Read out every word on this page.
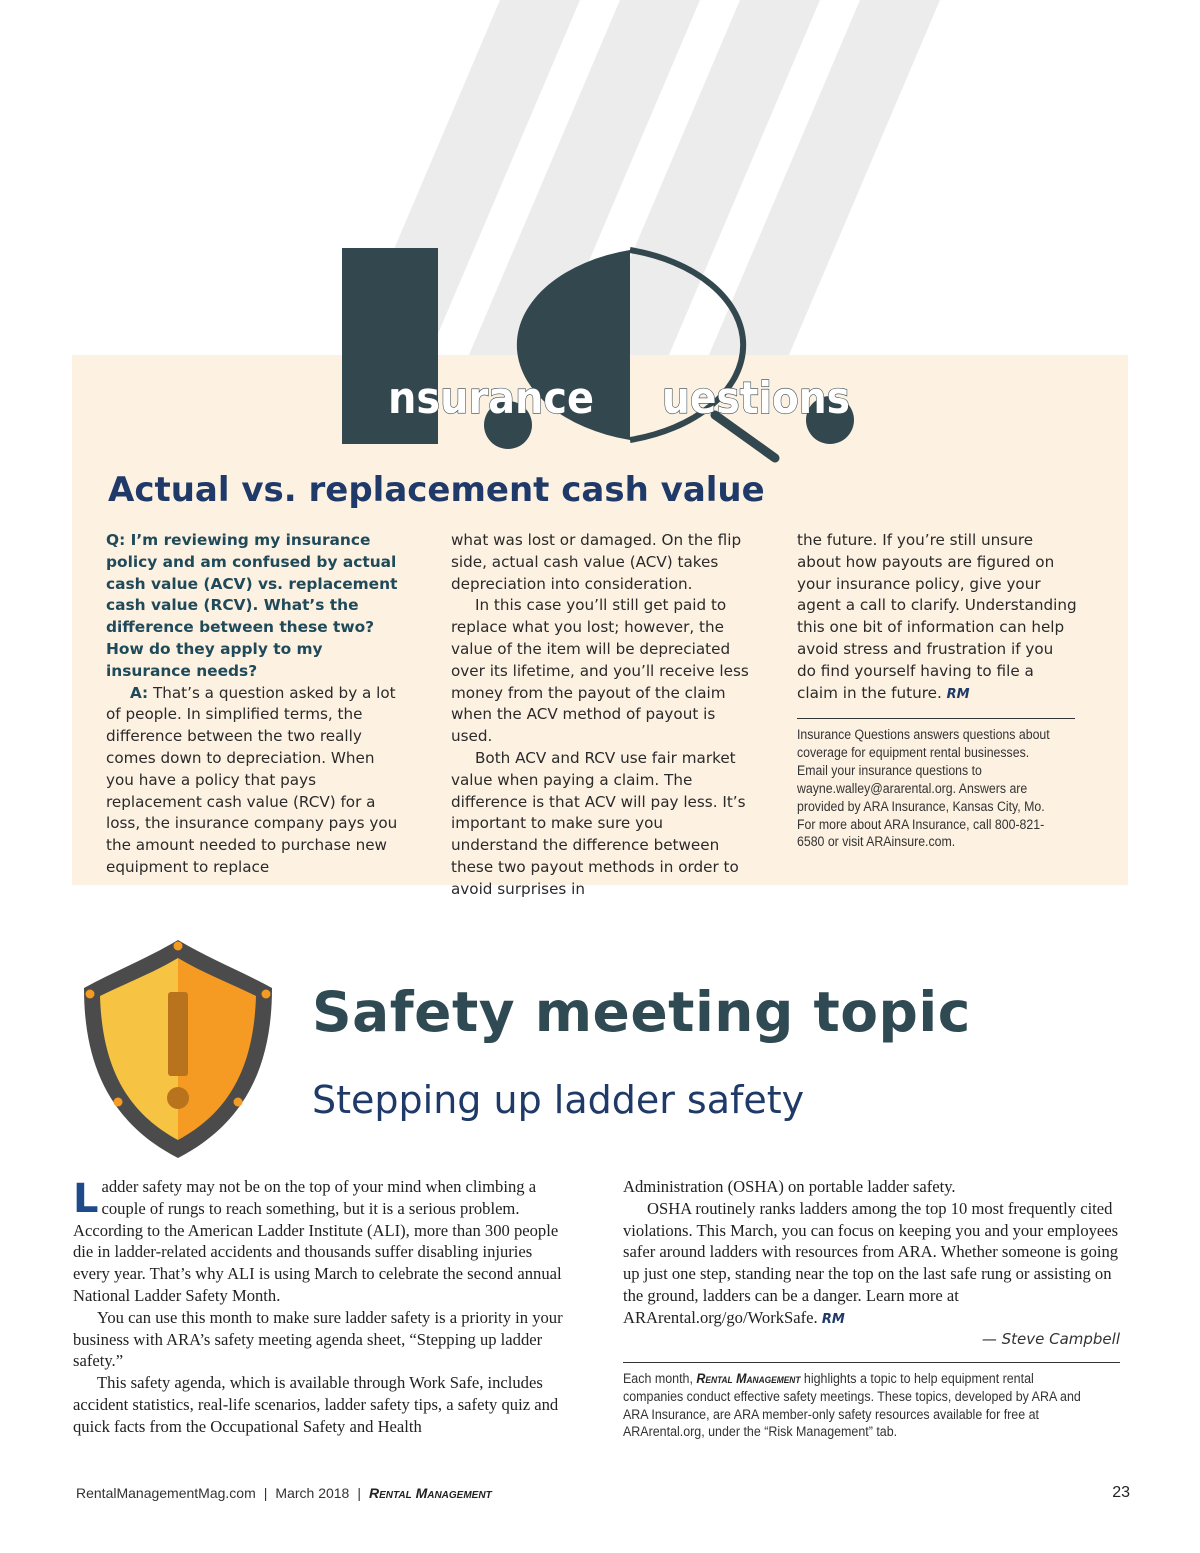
nsurance uestions
Actual vs. replacement cash value

Q: I’m reviewing my insurance policy and am confused by actual cash value (ACV) vs. replacement cash value (RCV). What’s the difference between these two? How do they apply to my insurance needs?

A: That’s a question asked by a lot of people. In simplified terms, the difference between the two really comes down to depreciation. When you have a policy that pays replacement cash value (RCV) for a loss, the insurance company pays you the amount needed to purchase new equipment to replace

what was lost or damaged. On the flip side, actual cash value (ACV) takes depreciation into consideration.

In this case you’ll still get paid to replace what you lost; however, the value of the item will be depreciated over its lifetime, and you’ll receive less money from the payout of the claim when the ACV method of payout is used.

Both ACV and RCV use fair market value when paying a claim. The difference is that ACV will pay less. It’s important to make sure you understand the difference between these two payout methods in order to avoid surprises in

the future. If you’re still unsure about how payouts are figured on your insurance policy, give your agent a call to clarify. Understanding this one bit of information can help avoid stress and frustration if you do find yourself having to file a claim in the future. RM

Insurance Questions answers questions about coverage for equipment rental businesses. Email your insurance questions to wayne.walley@ararental.org. Answers are provided by ARA Insurance, Kansas City, Mo. For more about ARA Insurance, call 800-821-6580 or visit ARAinsure.com.
Safety meeting topic
Stepping up ladder safety

Ladder safety may not be on the top of your mind when climbing a couple of rungs to reach something, but it is a serious problem. According to the American Ladder Institute (ALI), more than 300 people die in ladder-related accidents and thousands suffer disabling injuries every year. That’s why ALI is using March to celebrate the second annual National Ladder Safety Month.

You can use this month to make sure ladder safety is a priority in your business with ARA’s safety meeting agenda sheet, “Stepping up ladder safety.”

This safety agenda, which is available through Work Safe, includes accident statistics, real-life scenarios, ladder safety tips, a safety quiz and quick facts from the Occupational Safety and Health

Administration (OSHA) on portable ladder safety.

OSHA routinely ranks ladders among the top 10 most frequently cited violations. This March, you can focus on keeping you and your employees safer around ladders with resources from ARA. Whether someone is going up just one step, standing near the top on the last safe rung or assisting on the ground, ladders can be a danger. Learn more at ARArental.org/go/WorkSafe. RM

— Steve Campbell
Each month, Rental Management highlights a topic to help equipment rental companies conduct effective safety meetings. These topics, developed by ARA and ARA Insurance, are ARA member-only safety resources available for free at ARArental.org, under the “Risk Management” tab.
RentalManagementMag.com | March 2018 | Rental Management	23
